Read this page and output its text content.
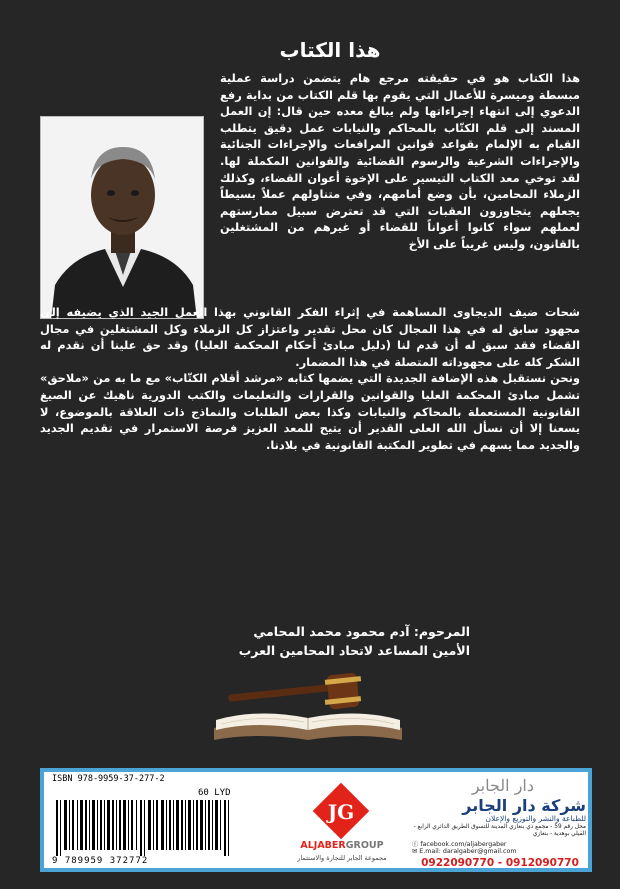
هذا الكتاب
هذا الكتاب هو في حقيقته مرجع هام يتضمن دراسة عملية مبسطة وميسرة للأعمال التي يقوم بها قلم الكتاب من بداية رفع الدعوي إلى انتهاء إجراءاتها ولم يبالغ معده حين قال: إن العمل المسند إلى قلم الكتّاب بالمحاكم والنيابات عمل دقيق يتطلب القيام به الإلمام بقواعد قوانين المرافعات والإجراءات الجنائية والإجراءات الشرعية والرسوم القضائية والقوانين المكملة لها. لقد توخي معد الكتاب التيسير على الإخوة أعوان القضاء، وكذلك الزملاء المحامين، بأن وضع أمامهم، وفي متناولهم عملاً بسيطاً يجعلهم يتجاوزون العقبات التي قد تعترض سبيل ممارستهم لعملهم سواء كانوا أعواناً للقضاء أو غيرهم من المشتغلين بالقانون، وليس غريباً على الأخ

شحات ضيف الديجاوى المساهمة في إثراء الفكر القانوني بهذا العمل الجيد الذي يضيفه إلى مجهود سابق له في هذا المجال كان محل تقدير واعتزاز كل الزملاء وكل المشتغلين في مجال القضاء فقد سبق له أن قدم لنا (دليل مبادئ أحكام المحكمة العليا) وقد حق علينا أن نقدم له الشكر كله على مجهوداته المتصلة في هذا المضمار.

ونحن نستقبل هذه الإضافة الجديدة التي يضمها كتابه «مرشد أقلام الكتّاب» مع ما به من «ملاحق» تشمل مبادئ المحكمة العليا والقوانين والقرارات والتعليمات والكتب الدورية ناهيك عن الصيغ القانونية المستعملة بالمحاكم والنيابات وكذا بعض الطلبات والنماذج ذات العلاقة بالموضوع، لا يسعنا إلا أن نسأل الله العلى القدير أن يتيح للمعد العزيز فرصة الاستمرار في تقديم الجديد والجديد مما يسهم في تطوير المكتبة القانونية في بلادنا.

المرحوم: آدم محمود محمد المحامي
الأمين المساعد لاتحاد المحامين العرب
ISBN 978-9959-37-277-2
60 LYD
9 789959 372772
JG
ALJABERGROUP
مجموعة الجابر للتجارة والاستثمار
دار الجابر
شركة دار الجابر
للطباعة والنشر والتوزيع والإعلان
محل رقم 59 - مجمع ذي بنغازي المدينة للتسوق الطريق الدائري الرابع - الفيلي بوهدية - بنغازي
ⓕ facebook.com/aljabergaber
✉ E.mail: daralgaber@gmail.com
0922090770 - 0912090770
